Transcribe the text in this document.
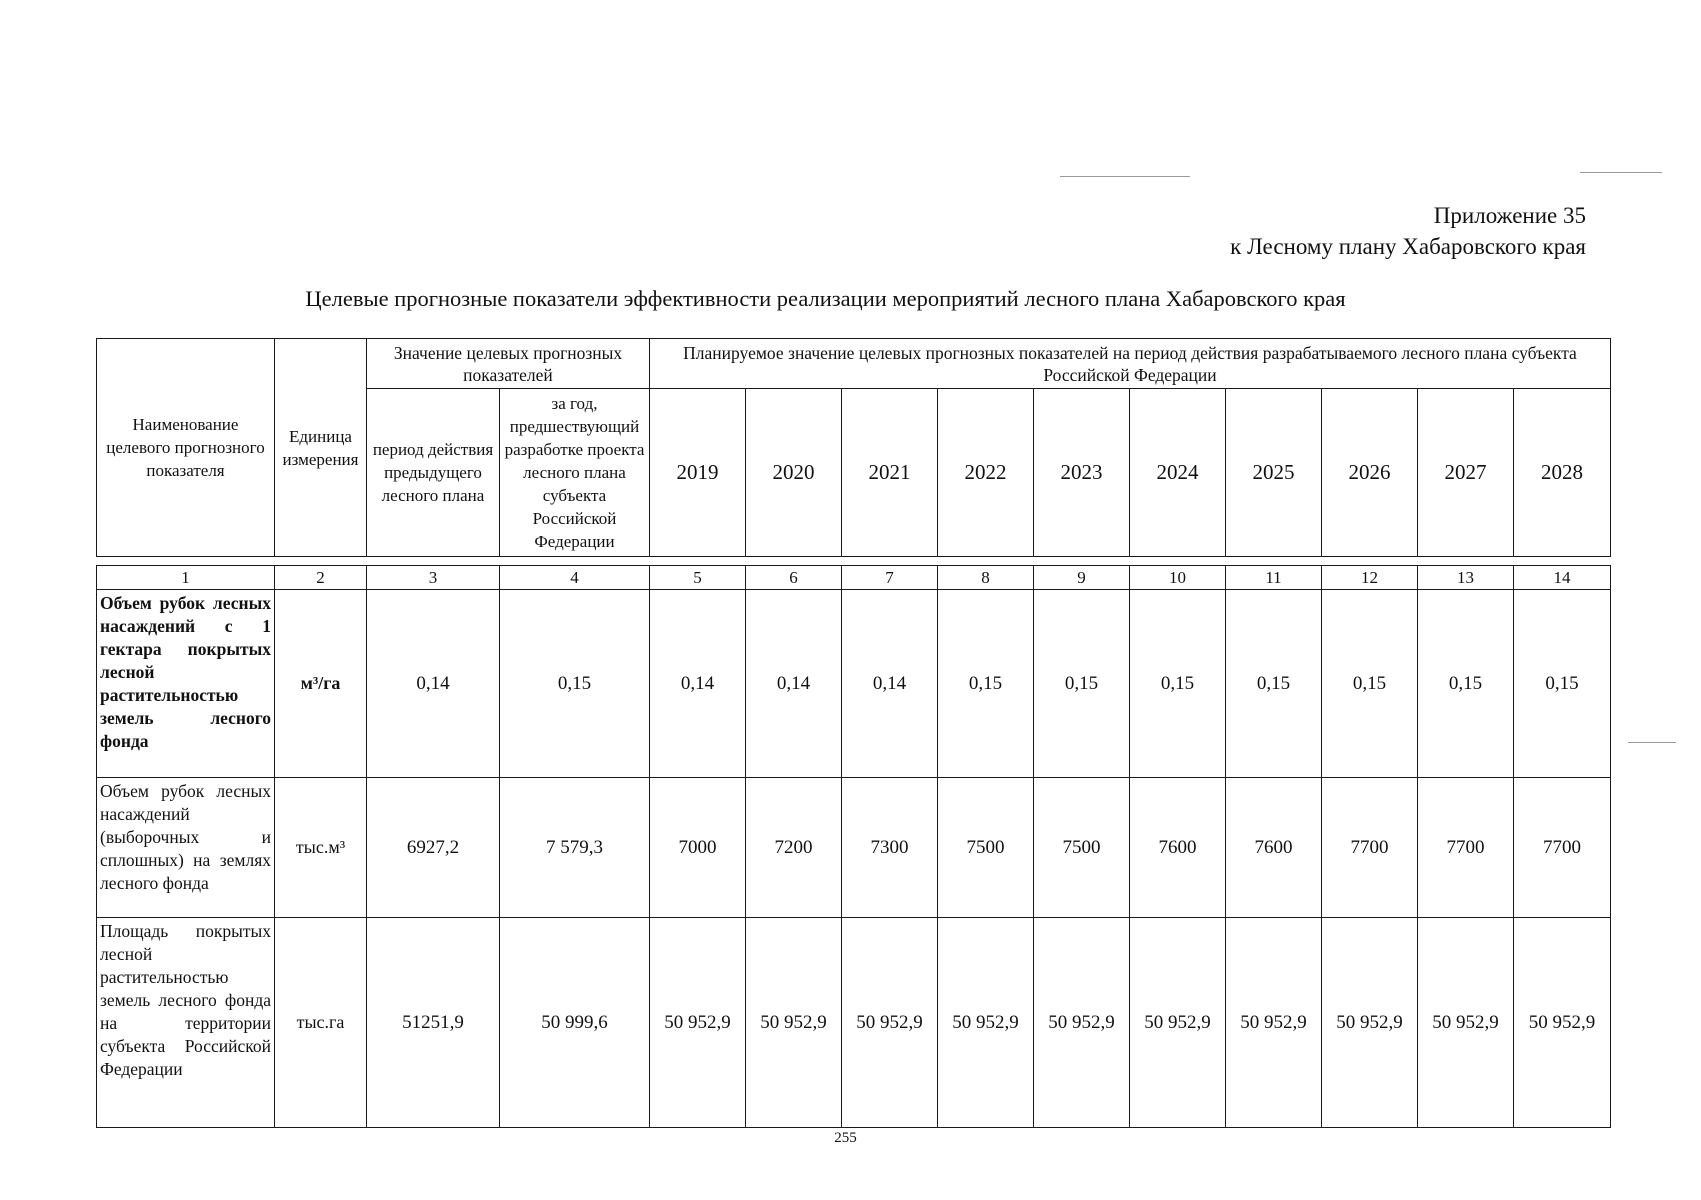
Приложение 35
к Лесному плану Хабаровского края
Целевые прогнозные показатели эффективности реализации мероприятий лесного плана Хабаровского края
Наименование целевого прогнозного показателя	Единица измерения	Значение целевых прогнозных показателей		Планируемое значение целевых прогнозных показателей на период действия разрабатываемого лесного плана субъекта Российской Федерации									
		период действия предыдущего лесного плана	за год, предшествующий разработке проекта лесного плана субъекта Российской Федерации	2019	2020	2021	2022	2023	2024	2025	2026	2027	2028

1	2	3	4	5	6	7	8	9	10	11	12	13	14
Объем рубок лесных насаждений с 1 гектара покрытых лесной растительностью земель лесного фонда	м³/га	0,14	0,15	0,14	0,14	0,14	0,15	0,15	0,15	0,15	0,15	0,15	0,15
Объем рубок лесных насаждений (выборочных и сплошных) на землях лесного фонда	тыс.м³	6927,2	7 579,3	7000	7200	7300	7500	7500	7600	7600	7700	7700	7700
Площадь покрытых лесной растительностью земель лесного фонда на территории субъекта Российской Федерации	тыс.га	51251,9	50 999,6	50 952,9	50 952,9	50 952,9	50 952,9	50 952,9	50 952,9	50 952,9	50 952,9	50 952,9	50 952,9
255
